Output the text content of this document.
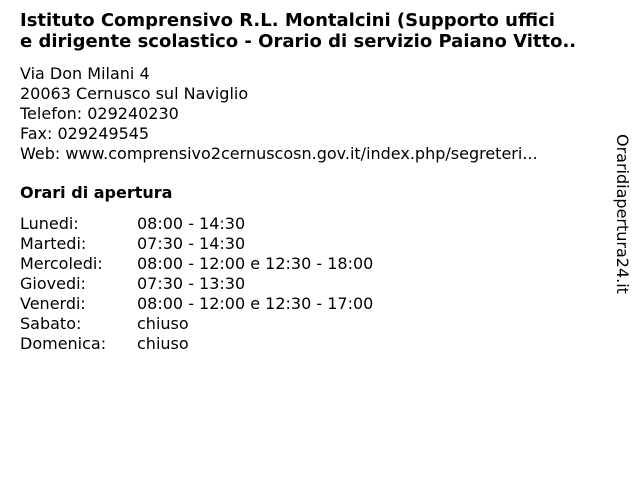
Istituto Comprensivo R.L. Montalcini (Supporto uffici
e dirigente scolastico - Orario di servizio Paiano Vitto..
Via Don Milani 4
20063 Cernusco sul Naviglio
Telefon: 029240230
Fax: 029249545
Web: www.comprensivo2cernuscosn.gov.it/index.php/segreteri...
Orari di apertura
Lunedi:	08:00 - 14:30
Martedi:	07:30 - 14:30
Mercoledi:	08:00 - 12:00 e 12:30 - 18:00
Giovedi:	07:30 - 13:30
Venerdi:	08:00 - 12:00 e 12:30 - 17:00
Sabato:	chiuso
Domenica:	chiuso
Oraridiapertura24.it
